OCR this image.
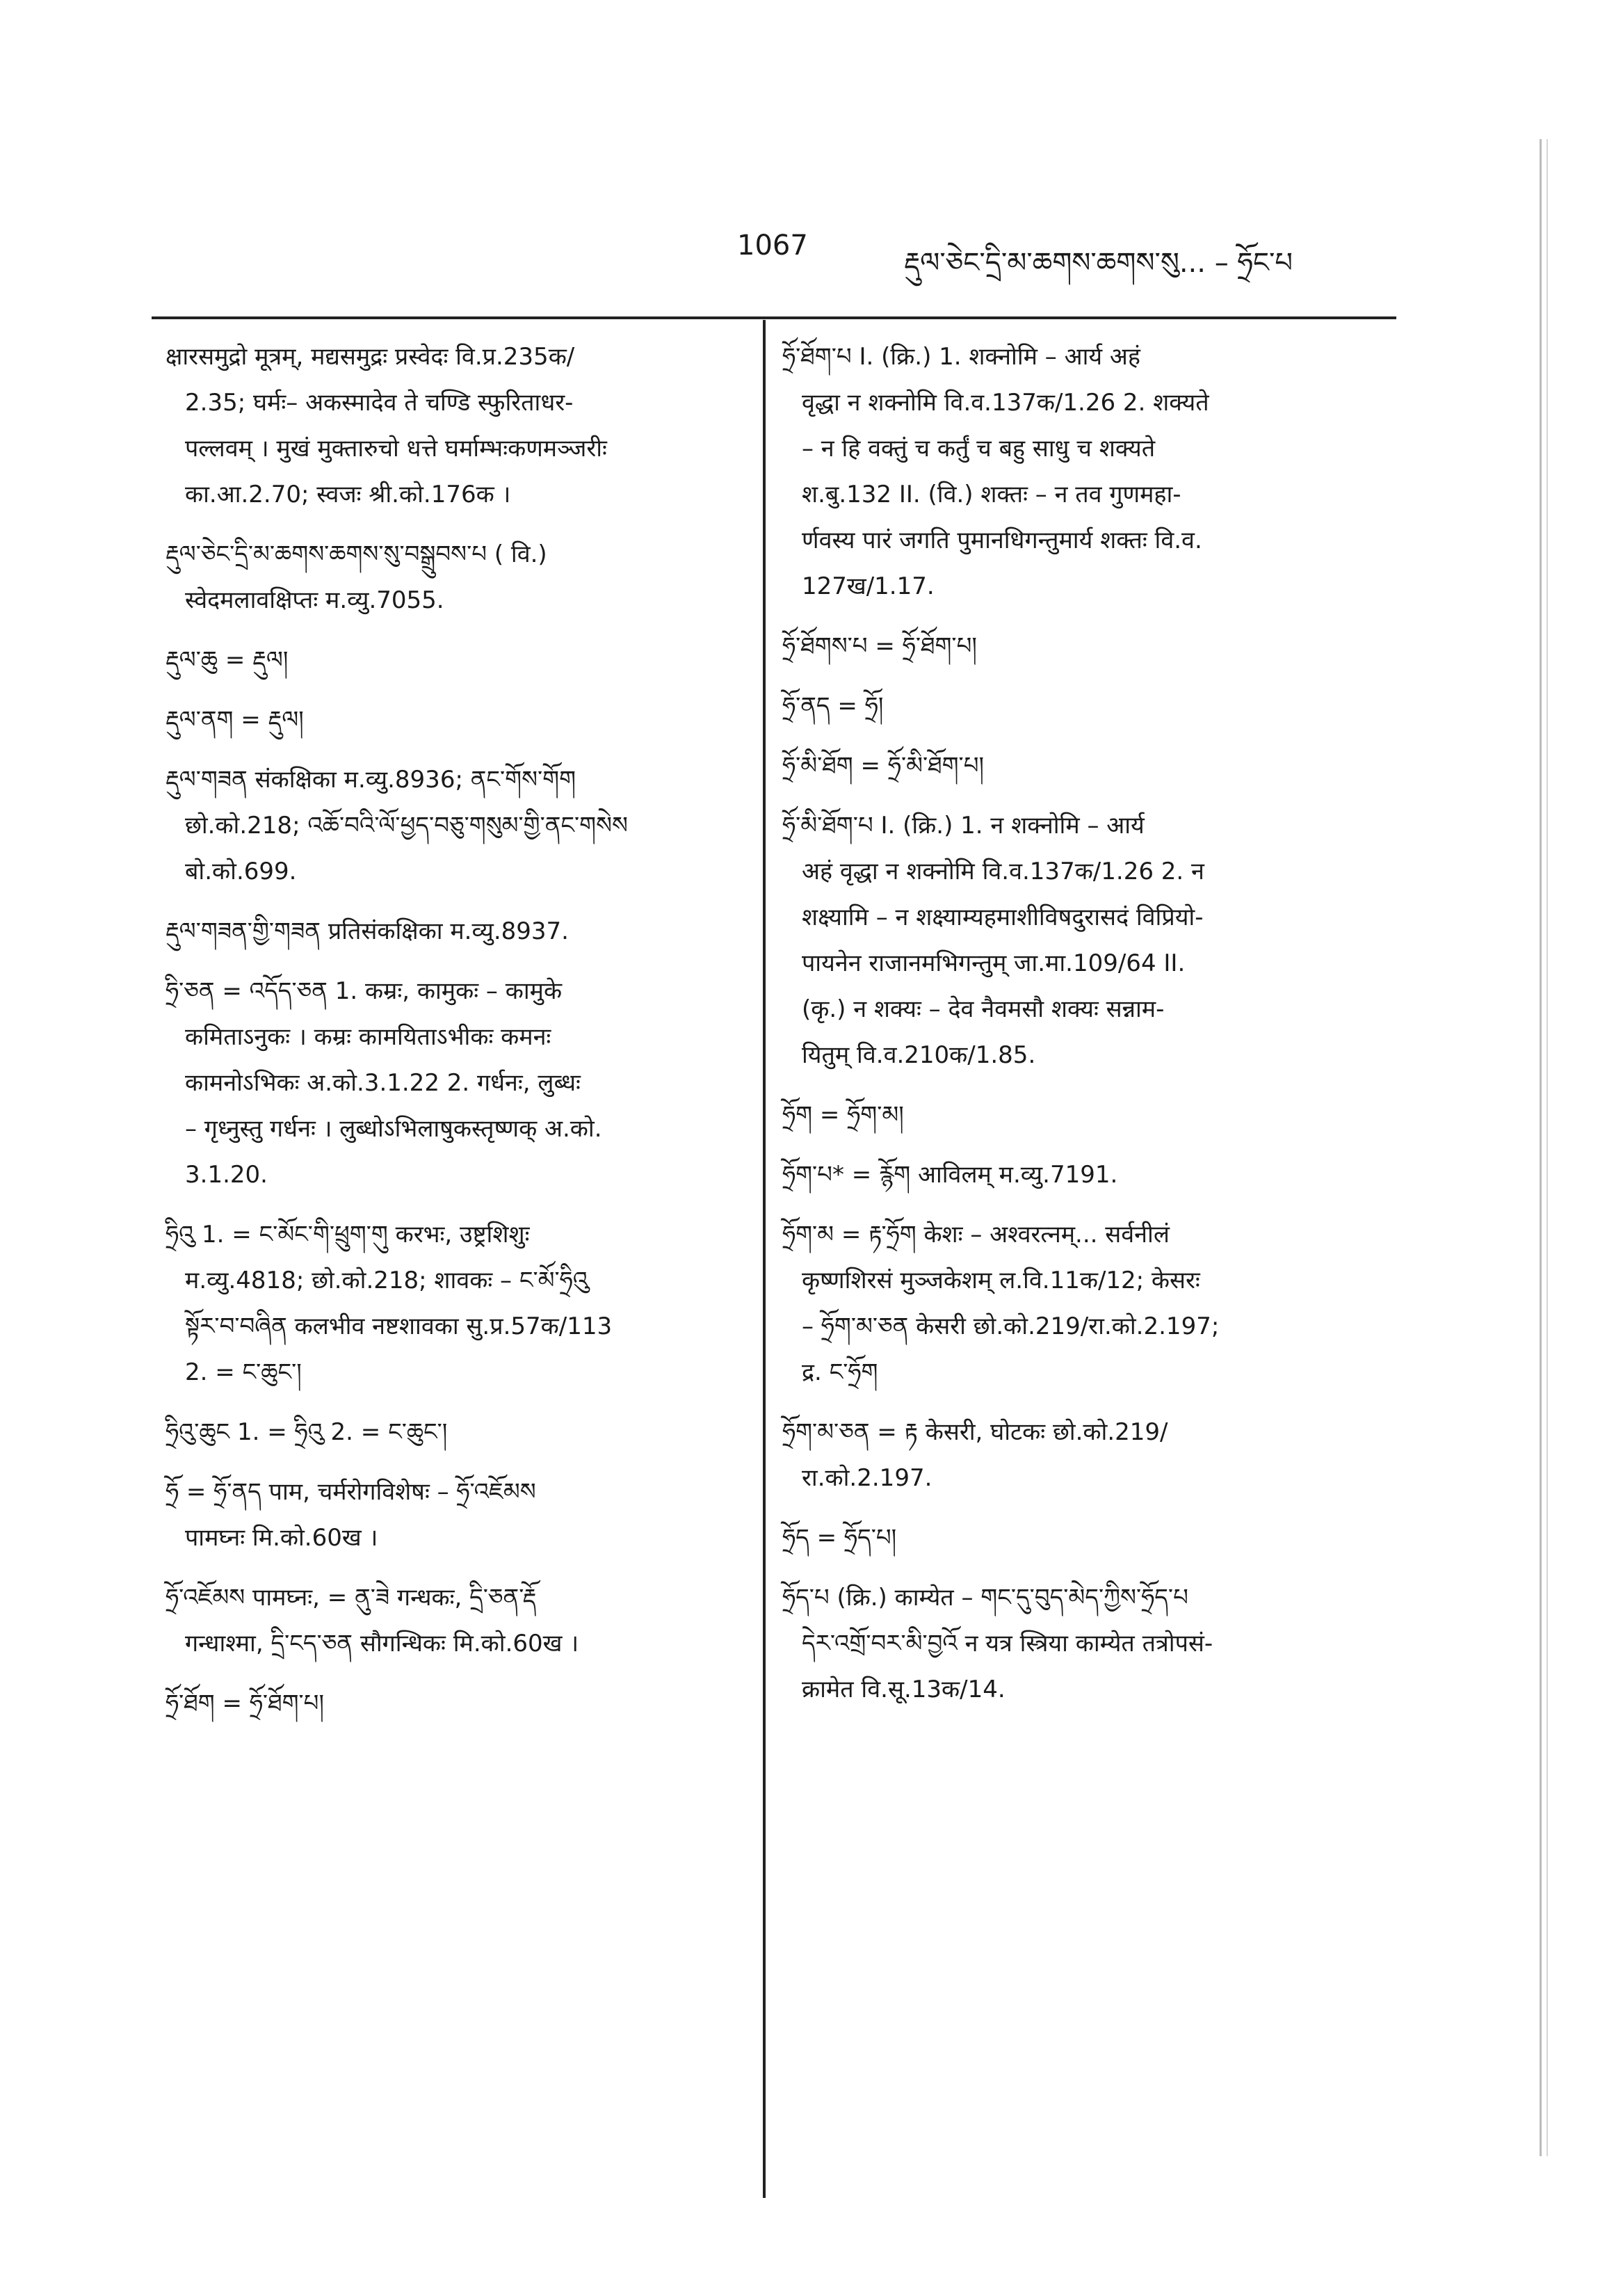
1067
རྡུལ་ཅེང་དྲི་མ་ཆགས་ཆགས་སུ... – ཧྲོང་པ

क्षारसमुद्रो मूत्रम्, मद्यसमुद्रः प्रस्वेदः वि.प्र.235क/

2.35; घर्मः– अकस्मादेव ते चण्डि स्फुरिताधर-

पल्लवम् । मुखं मुक्तारुचो धत्ते घर्माम्भःकणमञ्जरीः

का.आ.2.70; स्वजः श्री.को.176क ।

རྡུལ་ཅེང་དྲི་མ་ཆགས་ཆགས་སུ་བསྒྲུབས་པ ( वि.)

स्वेदमलावक्षिप्तः म.व्यु.7055.

རྡུལ་ཆུ = རྡུལ།

རྡུལ་ནག = རྡུལ།

རྡུལ་གཟན संकक्षिका म.व्यु.8936; ནང་གོས་གོག

छो.को.218; འཆོ་བའི་ལོ་ཕྱད་བཅུ་གསུམ་གྱི་ནང་གསེས

बो.को.699.

རྡུལ་གཟན་གྱི་གཟན प्रतिसंकक्षिका म.व्यु.8937.

ཧྲི་ཅན = འདོད་ཅན 1. कम्रः, कामुकः – कामुके

कमिताऽनुकः । कम्रः कामयिताऽभीकः कमनः

कामनोऽभिकः अ.को.3.1.22 2. गर्धनः, लुब्धः

– गृध्नुस्तु गर्धनः । लुब्धोऽभिलाषुकस्तृष्णक् अ.को.

3.1.20.

ཧྲིའུ 1. = ང་མོང་གི་ཕྲུག་གུ करभः, उष्ट्रशिशुः

म.व्यु.4818; छो.को.218; शावकः – ང་མོ་ཧྲིའུ

སྟོར་བ་བཞིན कलभीव नष्टशावका सु.प्र.57क/113

2. = ང་ཆུང་།

ཧྲིའུ་ཆུང 1. = ཧྲིའུ 2. = ང་ཆུང་།

ཧྲོ = ཧྲོ་ནད पाम, चर्मरोगविशेषः – ཧྲོ་འཇོམས

पामघ्नः मि.को.60ख ।

ཧྲོ་འཇོམས पामघ्नः, = ནུ་ཟེ गन्धकः, དྲི་ཅན་རྡོ

गन्धाश्मा, དྲི་ངད་ཅན सौगन्धिकः मि.को.60ख ।

ཧྲོ་ཐོག = ཧྲོ་ཐོག་པ།

ཧྲོ་ཐོག་པ I. (क्रि.) 1. शक्नोमि – आर्य अहं

वृद्धा न शक्नोमि वि.व.137क/1.26 2. शक्यते

– न हि वक्तुं च कर्तुं च बहु साधु च शक्यते

श.बु.132 II. (वि.) शक्तः – न तव गुणमहा-

र्णवस्य पारं जगति पुमानधिगन्तुमार्य शक्तः वि.व.

127ख/1.17.

ཧྲོ་ཐོགས་པ = ཧྲོ་ཐོག་པ།

ཧྲོ་ནད = ཧྲོ།

ཧྲོ་མི་ཐོག = ཧྲོ་མི་ཐོག་པ།

ཧྲོ་མི་ཐོག་པ I. (क्रि.) 1. न शक्नोमि – आर्य

अहं वृद्धा न शक्नोमि वि.व.137क/1.26 2. न

शक्ष्यामि – न शक्ष्याम्यहमाशीविषदुरासदं विप्रियो-

पायनेन राजानमभिगन्तुम् जा.मा.109/64 II.

(कृ.) न शक्यः – देव नैवमसौ शक्यः सन्नाम-

यितुम् वि.व.210क/1.85.

ཧྲོག = ཧྲོག་མ།

ཧྲོག་པ* = རྙོག आविलम् म.व्यु.7191.

ཧྲོག་མ = རྟ་ཧྲོག केशः – अश्वरत्नम्... सर्वनीलं

कृष्णशिरसं मुञ्जकेशम् ल.वि.11क/12; केसरः

– ཧྲོག་མ་ཅན केसरी छो.को.219/रा.को.2.197;

द्र. ང་ཧྲོག

ཧྲོག་མ་ཅན = རྟ केसरी, घोटकः छो.को.219/

रा.को.2.197.

ཧྲོད = ཧྲོད་པ།

ཧྲོད་པ (क्रि.) काम्येत – གང་དུ་བུད་མེད་ཀྱིས་ཧྲོད་པ

དེར་འགྲོ་བར་མི་བྱའོ न यत्र स्त्रिया काम्येत तत्रोपसं-

क्रामेत वि.सू.13क/14.
